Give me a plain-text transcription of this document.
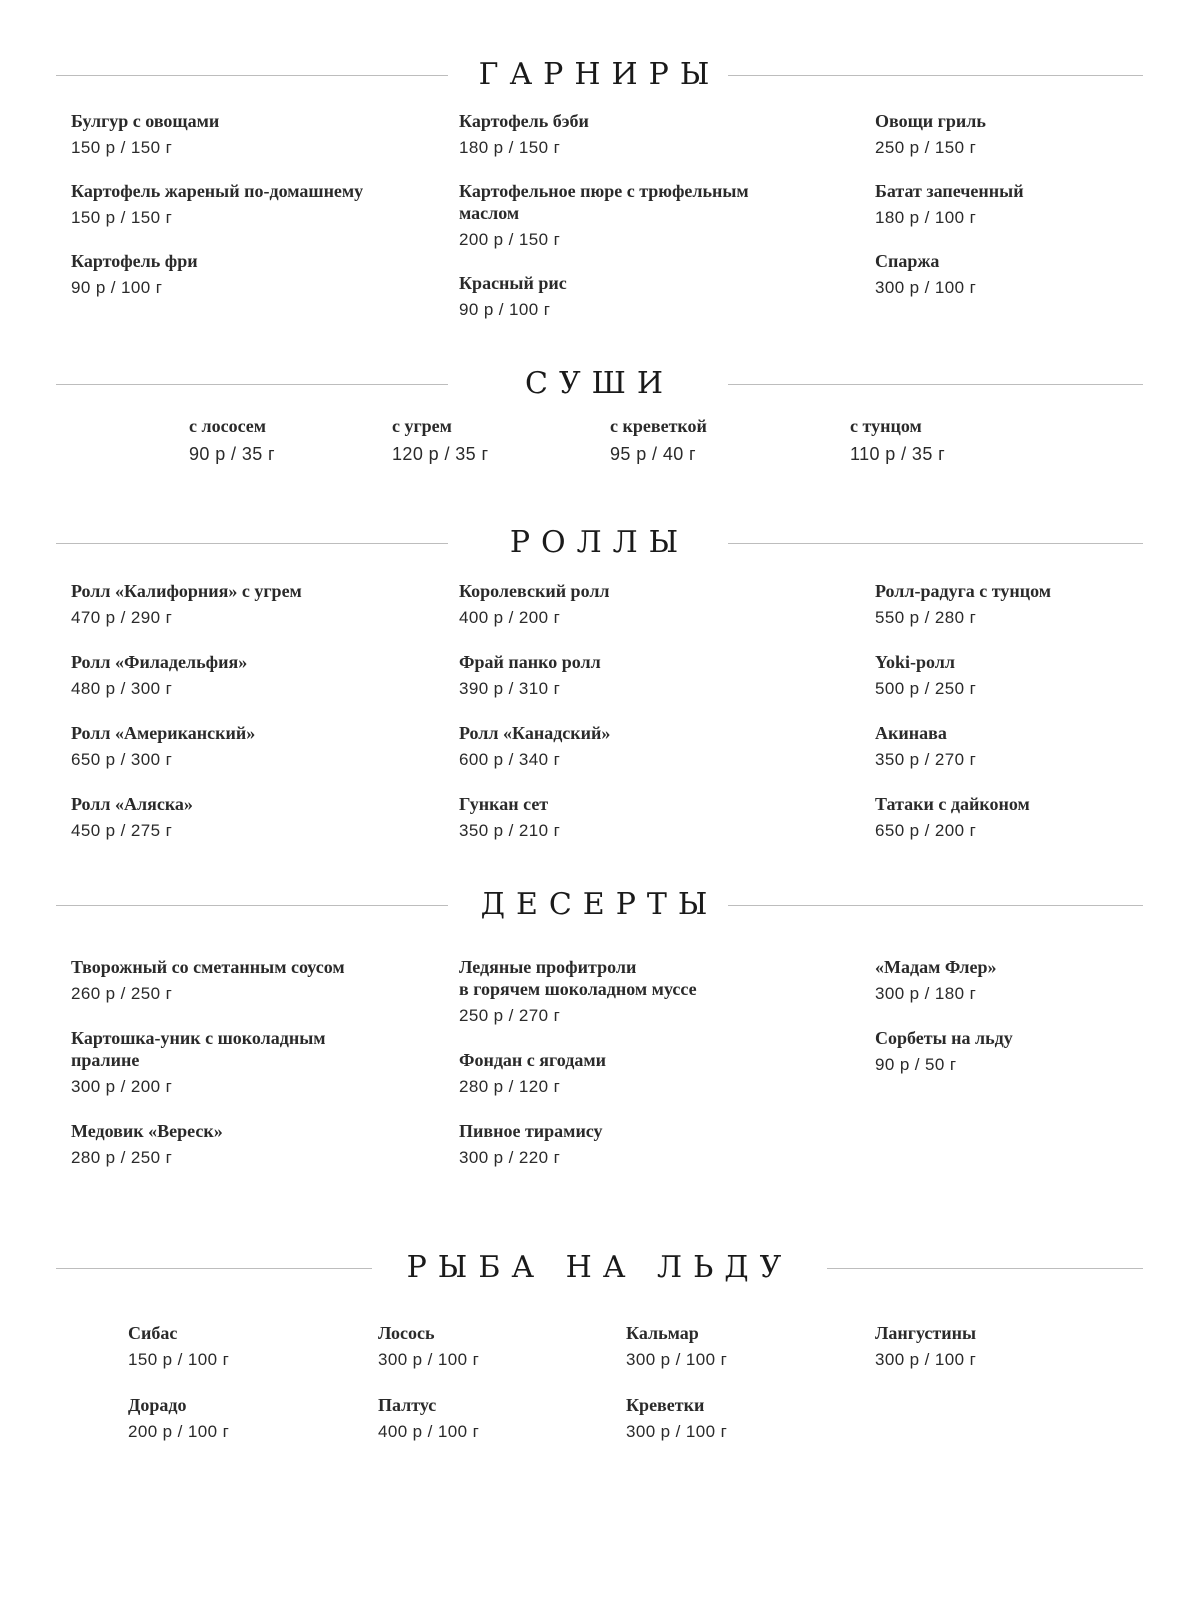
ГАРНИРЫ
Булгур с овощами
150 р / 150 г
Картофель жареный по-домашнему
150 р / 150 г
Картофель фри
90 р / 100 г
Картофель бэби
180 р / 150 г
Картофельное пюре с трюфельным
маслом
200 р / 150 г
Красный рис
90 р / 100 г
Овощи гриль
250 р / 150 г
Батат запеченный
180 р / 100 г
Спаржа
300 р / 100 г
СУШИ
с лососем
90 р / 35 г
с угрем
120 р / 35 г
с креветкой
95 р / 40 г
с тунцом
110 р / 35 г
РОЛЛЫ
Ролл «Калифорния» с угрем
470 р / 290 г
Ролл «Филадельфия»
480 р / 300 г
Ролл «Американский»
650 р / 300 г
Ролл «Аляска»
450 р / 275 г
Королевский ролл
400 р / 200 г
Фрай панко ролл
390 р / 310 г
Ролл «Канадский»
600 р / 340 г
Гункан сет
350 р / 210 г
Ролл-радуга с тунцом
550 р / 280 г
Yoki-ролл
500 р / 250 г
Акинава
350 р / 270 г
Татаки с дайконом
650 р / 200 г
ДЕСЕРТЫ
Творожный со сметанным соусом
260 р / 250 г
Картошка-уник с шоколадным
пралине
300 р / 200 г
Медовик «Вереск»
280 р / 250 г
Ледяные профитроли
в горячем шоколадном муссе
250 р / 270 г
Фондан с ягодами
280 р / 120 г
Пивное тирамису
300 р / 220 г
«Мадам Флер»
300 р / 180 г
Сорбеты на льду
90 р / 50 г
РЫБА НА ЛЬДУ
Сибас
150 р / 100 г
Дорадо
200 р / 100 г
Лосось
300 р / 100 г
Палтус
400 р / 100 г
Кальмар
300 р / 100 г
Креветки
300 р / 100 г
Лангустины
300 р / 100 г
